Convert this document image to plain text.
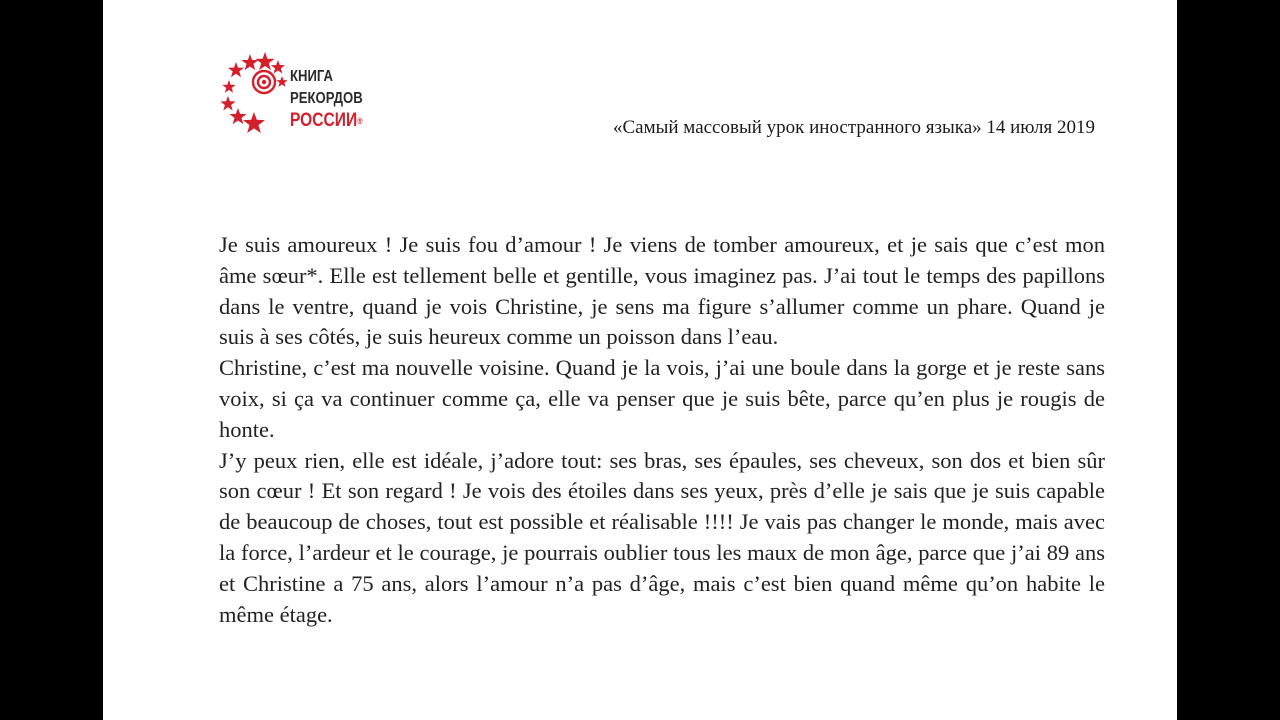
КНИГА
РЕКОРДОВ
РОССИИ®	«Самый массовый урок иностранного языка» 14 июля 2019

Je suis amoureux ! Je suis fou d’amour ! Je viens de tomber amoureux, et je sais que c’est mon âme sœur*. Elle est tellement belle et gentille, vous imaginez pas. J’ai tout le temps des papillons dans le ventre, quand je vois Christine, je sens ma figure s’allumer comme un phare. Quand je suis à ses côtés, je suis heureux comme un poisson dans l’eau.

Christine, c’est ma nouvelle voisine. Quand je la vois, j’ai une boule dans la gorge et je reste sans voix, si ça va continuer comme ça, elle va penser que je suis bête, parce qu’en plus je rougis de honte.

J’y peux rien, elle est idéale, j’adore tout: ses bras, ses épaules, ses cheveux, son dos et bien sûr son cœur ! Et son regard ! Je vois des étoiles dans ses yeux, près d’elle je sais que je suis capable de beaucoup de choses, tout est possible et réalisable !!!! Je vais pas changer le monde, mais avec la force, l’ardeur et le courage, je pourrais oublier tous les maux de mon âge, parce que j’ai 89 ans et Christine a 75 ans, alors l’amour n’a pas d’âge, mais c’est bien quand même qu’on habite le même étage.
